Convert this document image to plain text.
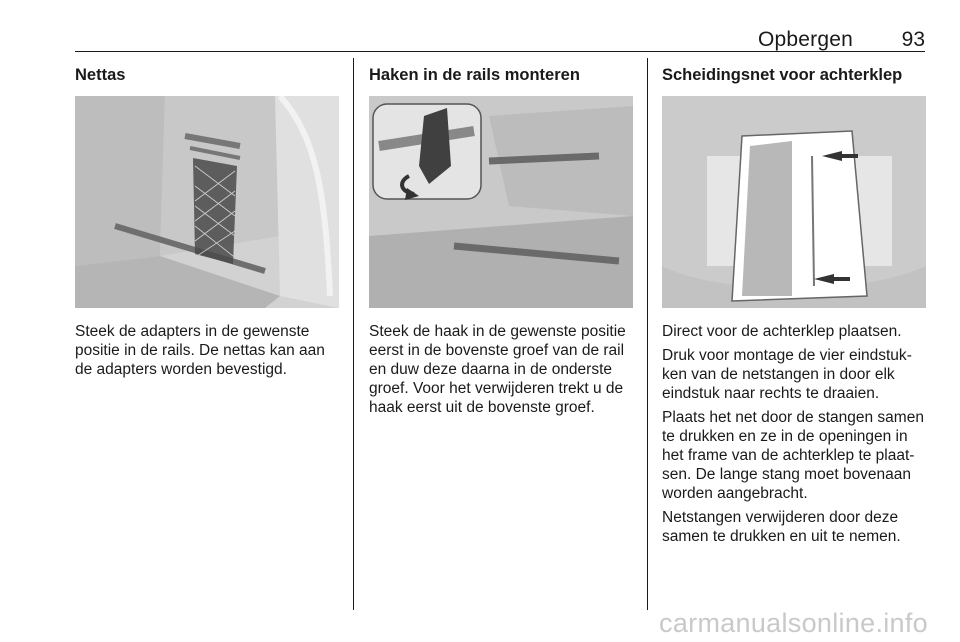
Opbergen 93
Nettas

Steek de adapters in de gewenste positie in de rails. De nettas kan aan de adapters worden bevestigd.

Haken in de rails monteren

Steek de haak in de gewenste positie eerst in de bovenste groef van de rail en duw deze daarna in de onderste groef. Voor het verwijderen trekt u de haak eerst uit de bovenste groef.

Scheidingsnet voor achterklep

Direct voor de achterklep plaatsen.

Druk voor montage de vier eindstukken van de netstangen in door elk eindstuk naar rechts te draaien.

Plaats het net door de stangen samen te drukken en ze in de openingen in het frame van de achterklep te plaatsen. De lange stang moet bovenaan worden aangebracht.

Netstangen verwijderen door deze samen te drukken en uit te nemen.

carmanualsonline.info
